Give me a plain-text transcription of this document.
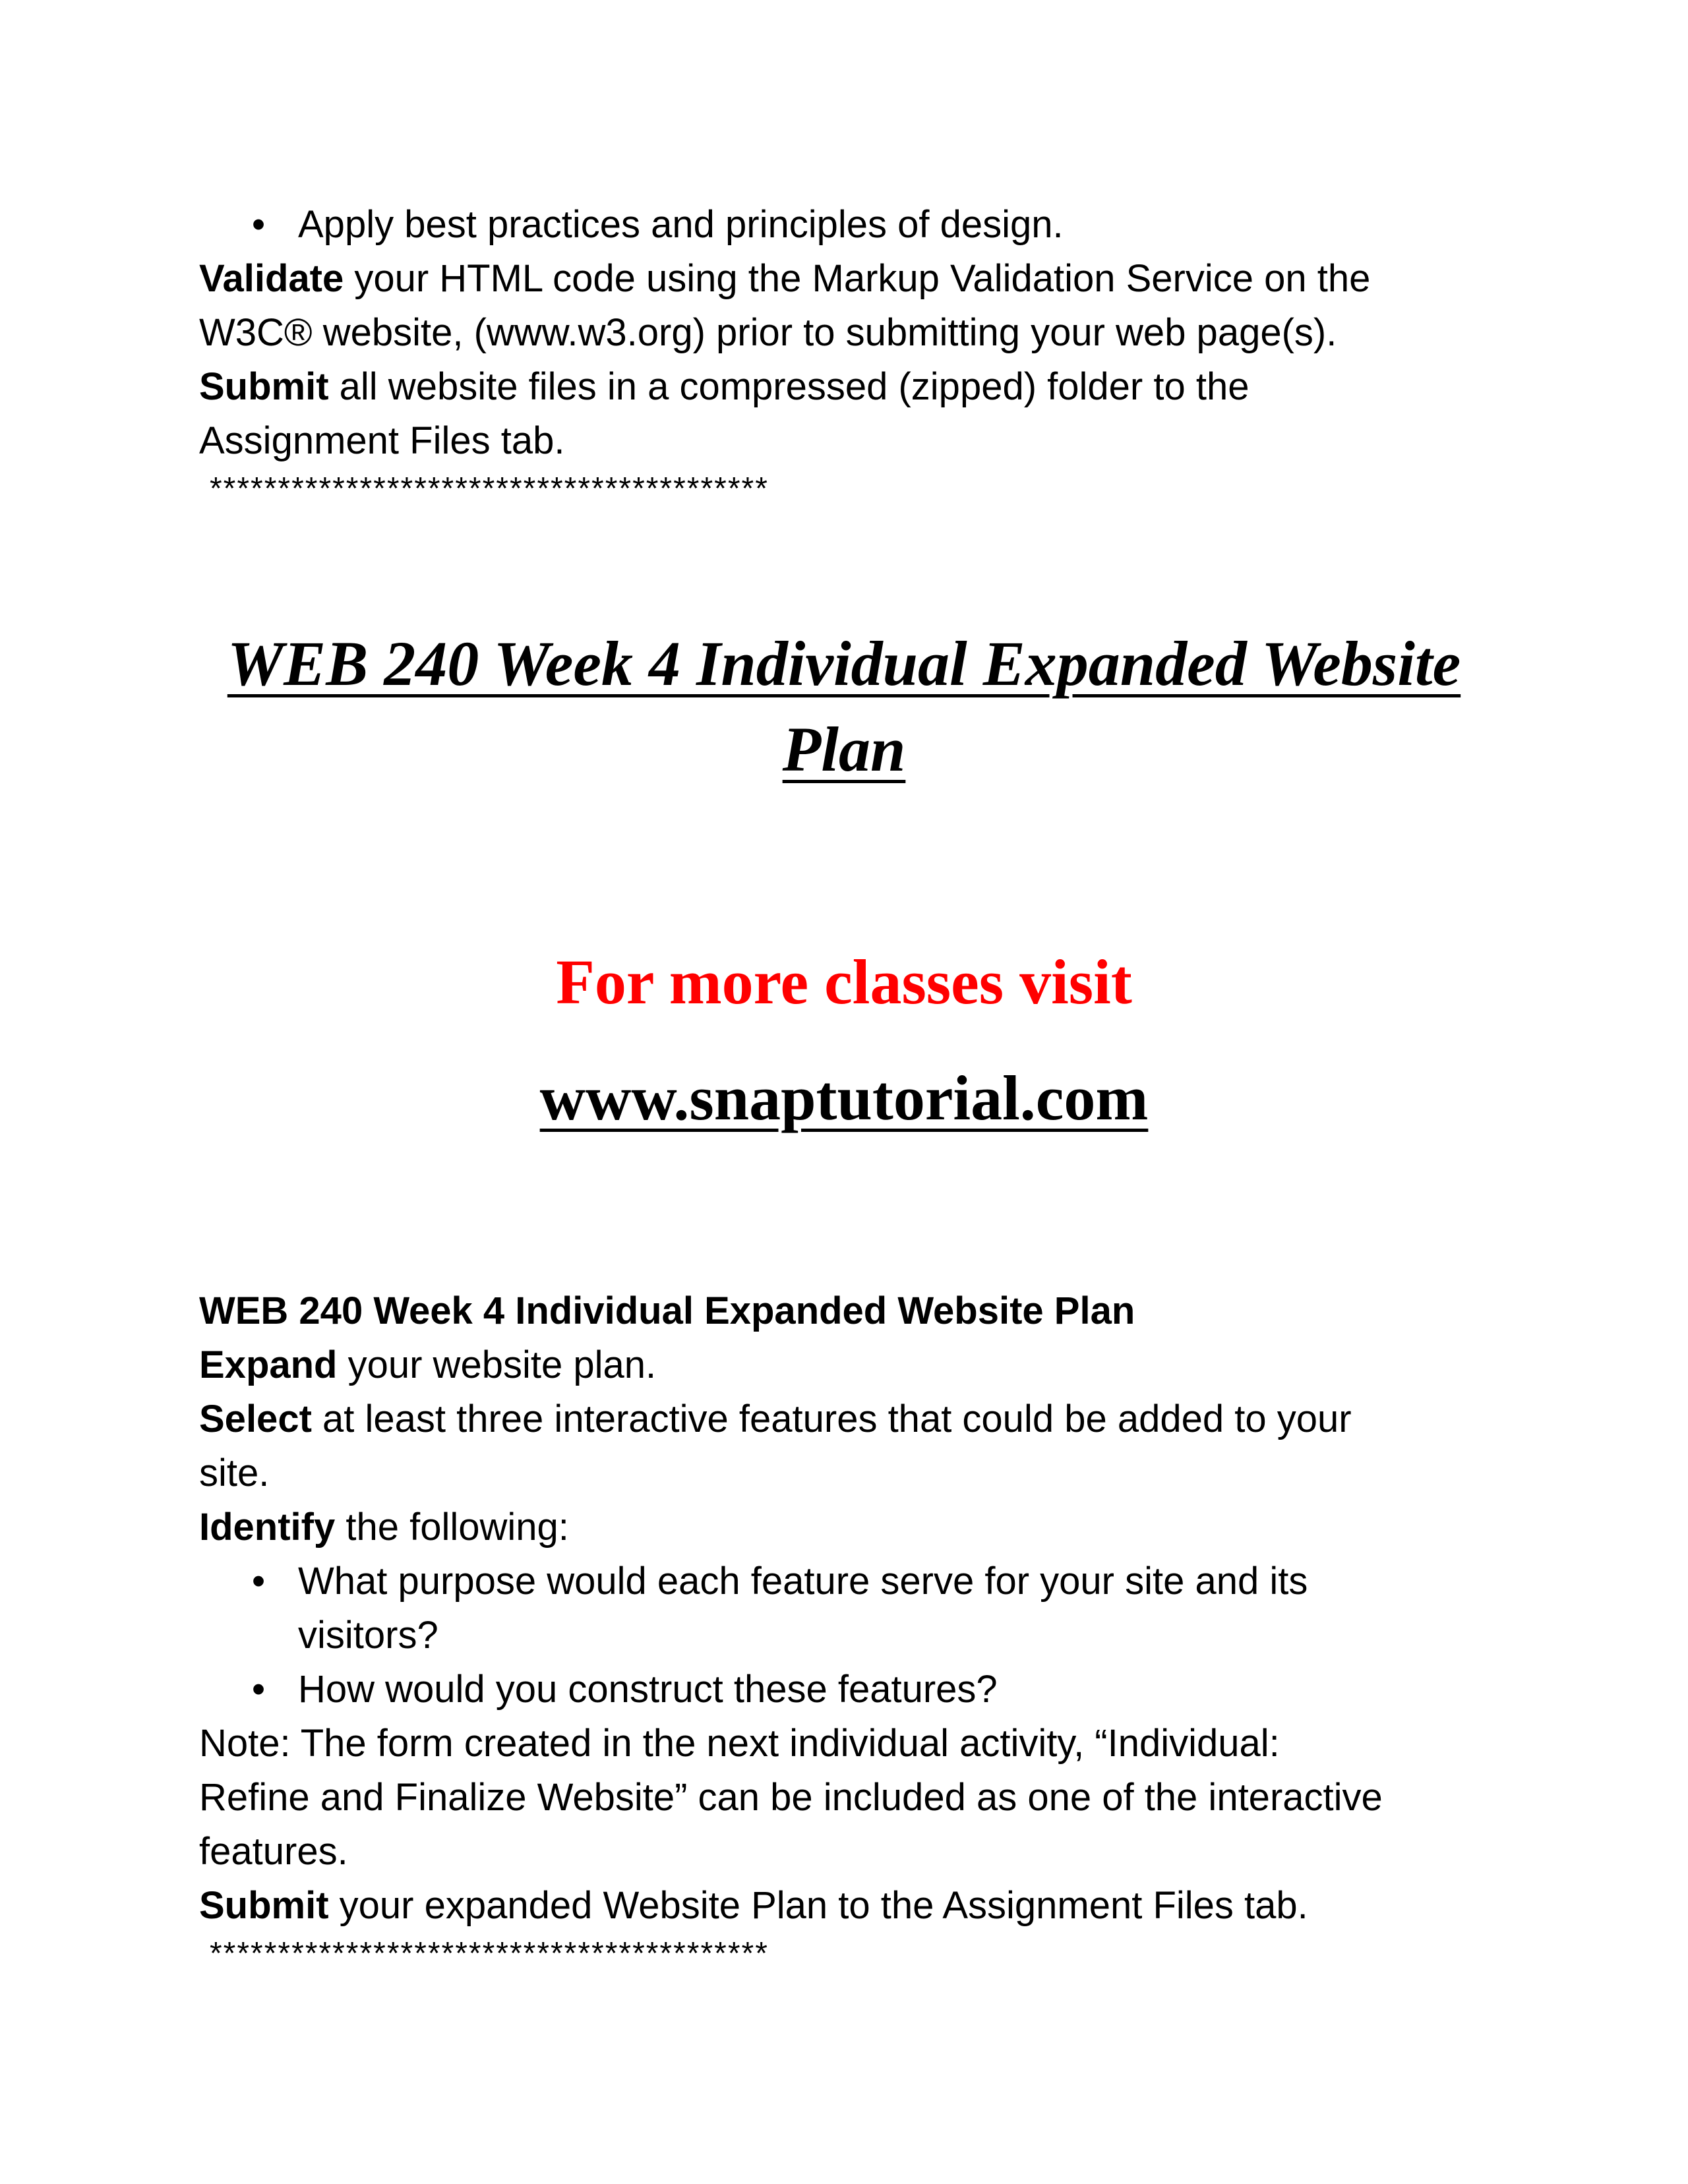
• Apply best practices and principles of design.

Validate your HTML code using the Markup Validation Service on the

W3C® website, (www.w3.org) prior to submitting your web page(s).

Submit all website files in a compressed (zipped) folder to the

Assignment Files tab.

*****************************************
WEB 240 Week 4 Individual Expanded Website
Plan
For more classes visit
www.snaptutorial.com

WEB 240 Week 4 Individual Expanded Website Plan

Expand your website plan.

Select at least three interactive features that could be added to your

site.

Identify the following:

• What purpose would each feature serve for your site and its
visitors?
• How would you construct these features?

Note: The form created in the next individual activity, “Individual:

Refine and Finalize Website” can be included as one of the interactive

features.

Submit your expanded Website Plan to the Assignment Files tab.

*****************************************
